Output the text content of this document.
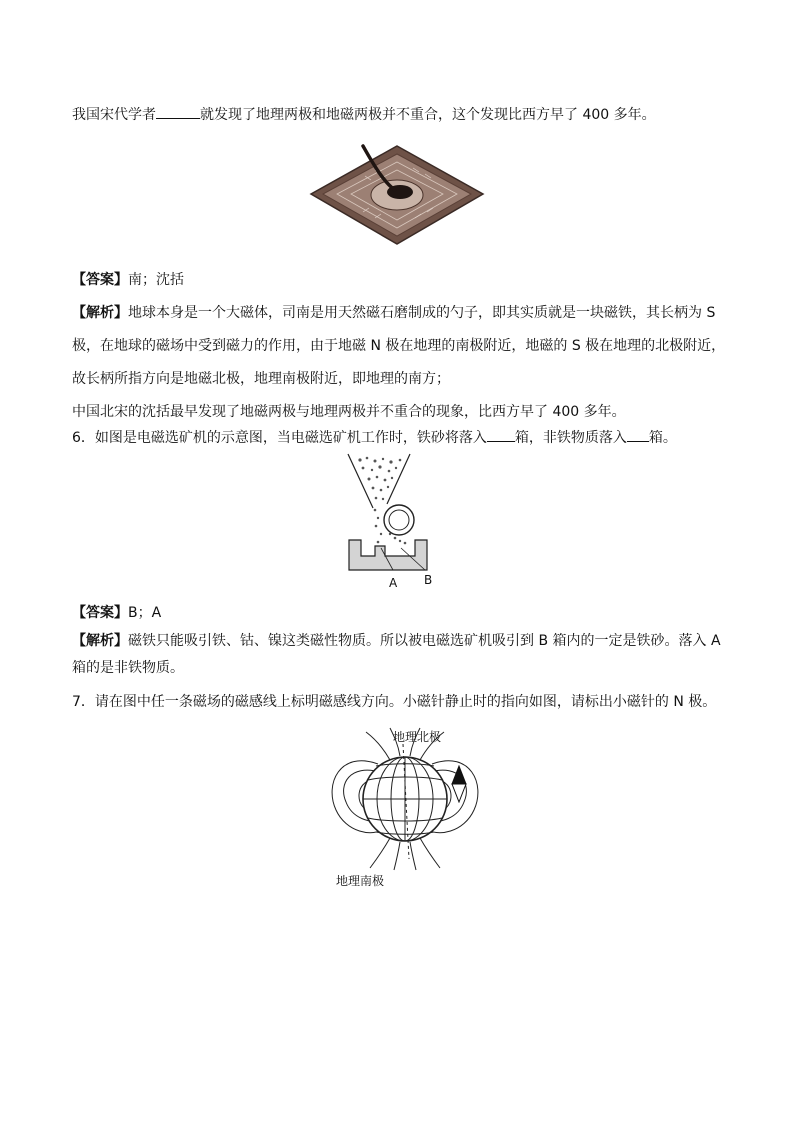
我国宋代学者	就发现了地理两极和地磁两极并不重合，这个发现比西方早了 400 多年。
【答案】南；沈括
【解析】地球本身是一个大磁体，司南是用天然磁石磨制成的勺子，即其实质就是一块磁铁，其长柄为 S
极，在地球的磁场中受到磁力的作用，由于地磁 N 极在地理的南极附近，地磁的 S 极在地理的北极附近，
故长柄所指方向是地磁北极，地理南极附近，即地理的南方；
中国北宋的沈括最早发现了地磁两极与地理两极并不重合的现象，比西方早了 400 多年。
6．如图是电磁选矿机的示意图，当电磁选矿机工作时，铁砂将落入 箱，非铁物质落入 箱。
A B
【答案】B；A
【解析】磁铁只能吸引铁、钴、镍这类磁性物质。所以被电磁选矿机吸引到 B 箱内的一定是铁砂。落入 A
箱的是非铁物质。
7．请在图中任一条磁场的磁感线上标明磁感线方向。小磁针静止时的指向如图，请标出小磁针的 N 极。
地理北极
地理南极
